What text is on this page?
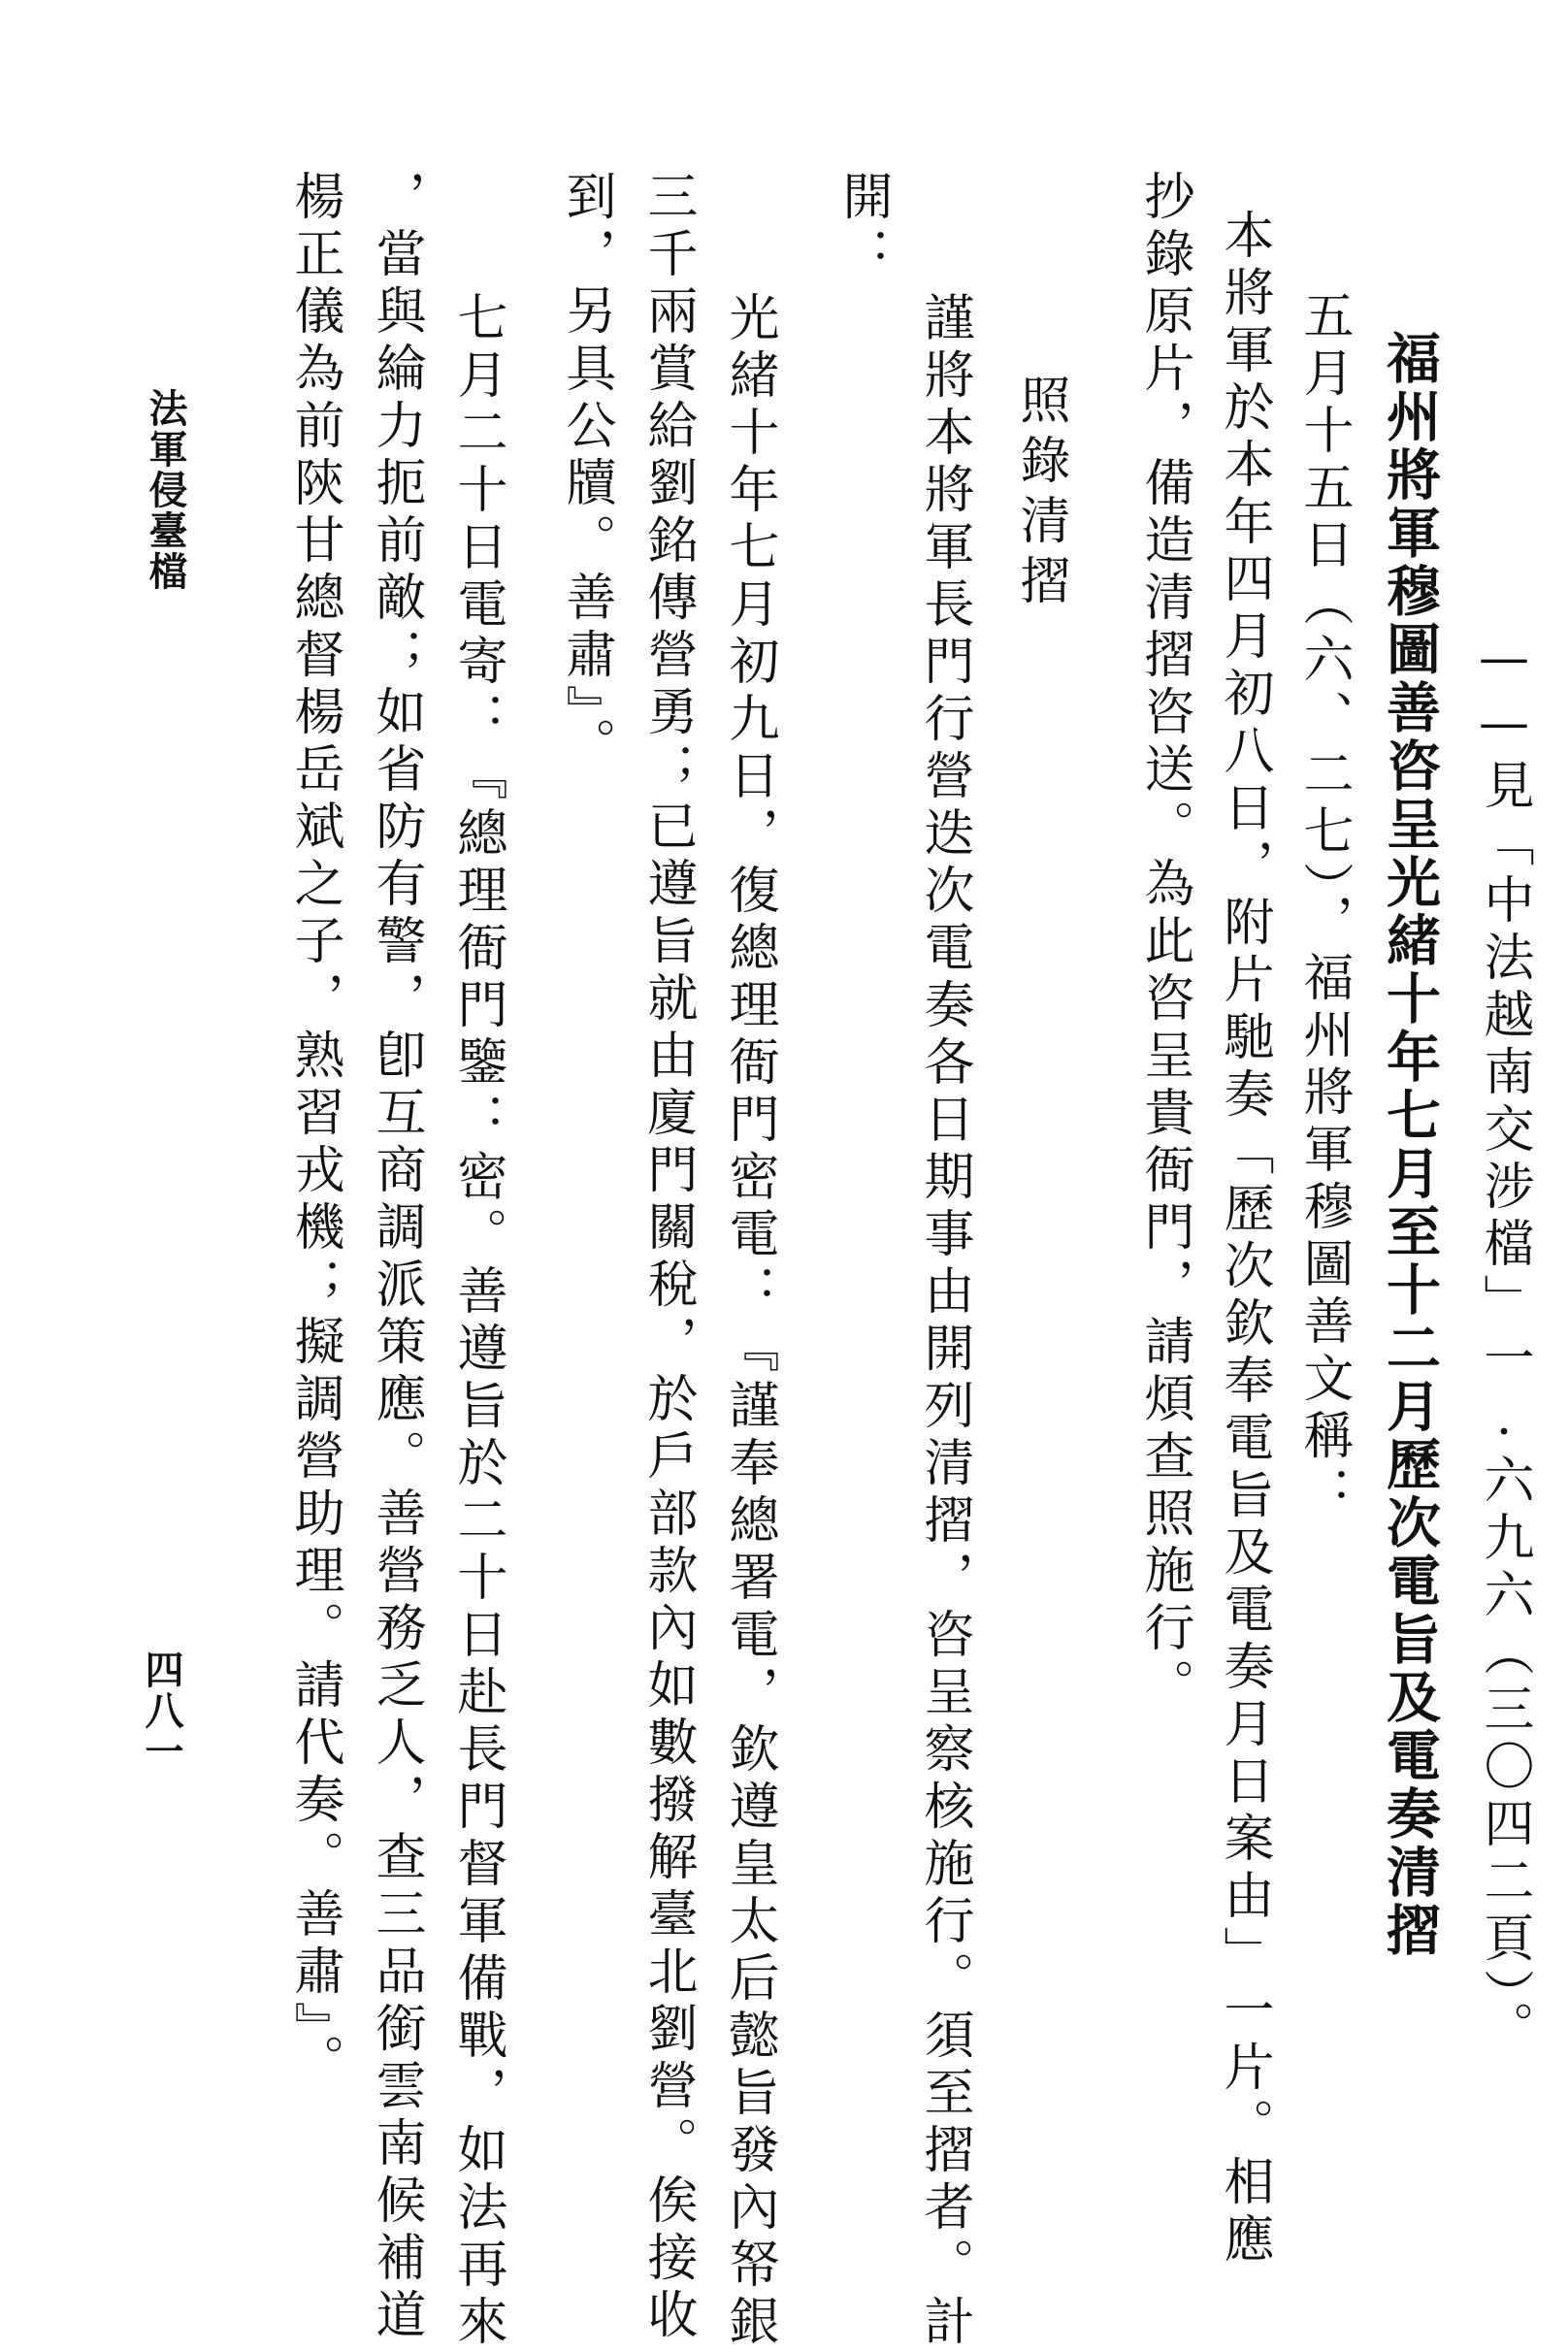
——見「中法越南交涉檔」一.六九六（三〇四二頁）。
福州將軍穆圖善咨呈光緒十年七月至十二月歷次電旨及電奏清摺
五月十五日（六、二七），福州將軍穆圖善文稱：
本將軍於本年四月初八日，附片馳奏「歷次欽奉電旨及電奏月日案由」一片。相應
抄錄原片，備造清摺咨送。為此咨呈貴衙門，請煩查照施行。
照錄清摺
謹將本將軍長門行營迭次電奏各日期事由開列清摺，咨呈察核施行。須至摺者。計
開：
光緒十年七月初九日，復總理衙門密電：『謹奉總署電，欽遵皇太后懿旨發內帑銀
三千兩賞給劉銘傳營勇；已遵旨就由廈門關稅，於戶部款內如數撥解臺北劉營。俟接收
到，另具公牘。善肅』。
七月二十日電寄：『總理衙門鑒：密。善遵旨於二十日赴長門督軍備戰，如法再來
，當與綸力扼前敵；如省防有警，卽互商調派策應。善營務乏人，查三品銜雲南候補道
楊正儀為前陝甘總督楊岳斌之子，熟習戎機；擬調營助理。請代奏。善肅』。
法軍侵臺檔
四八一
